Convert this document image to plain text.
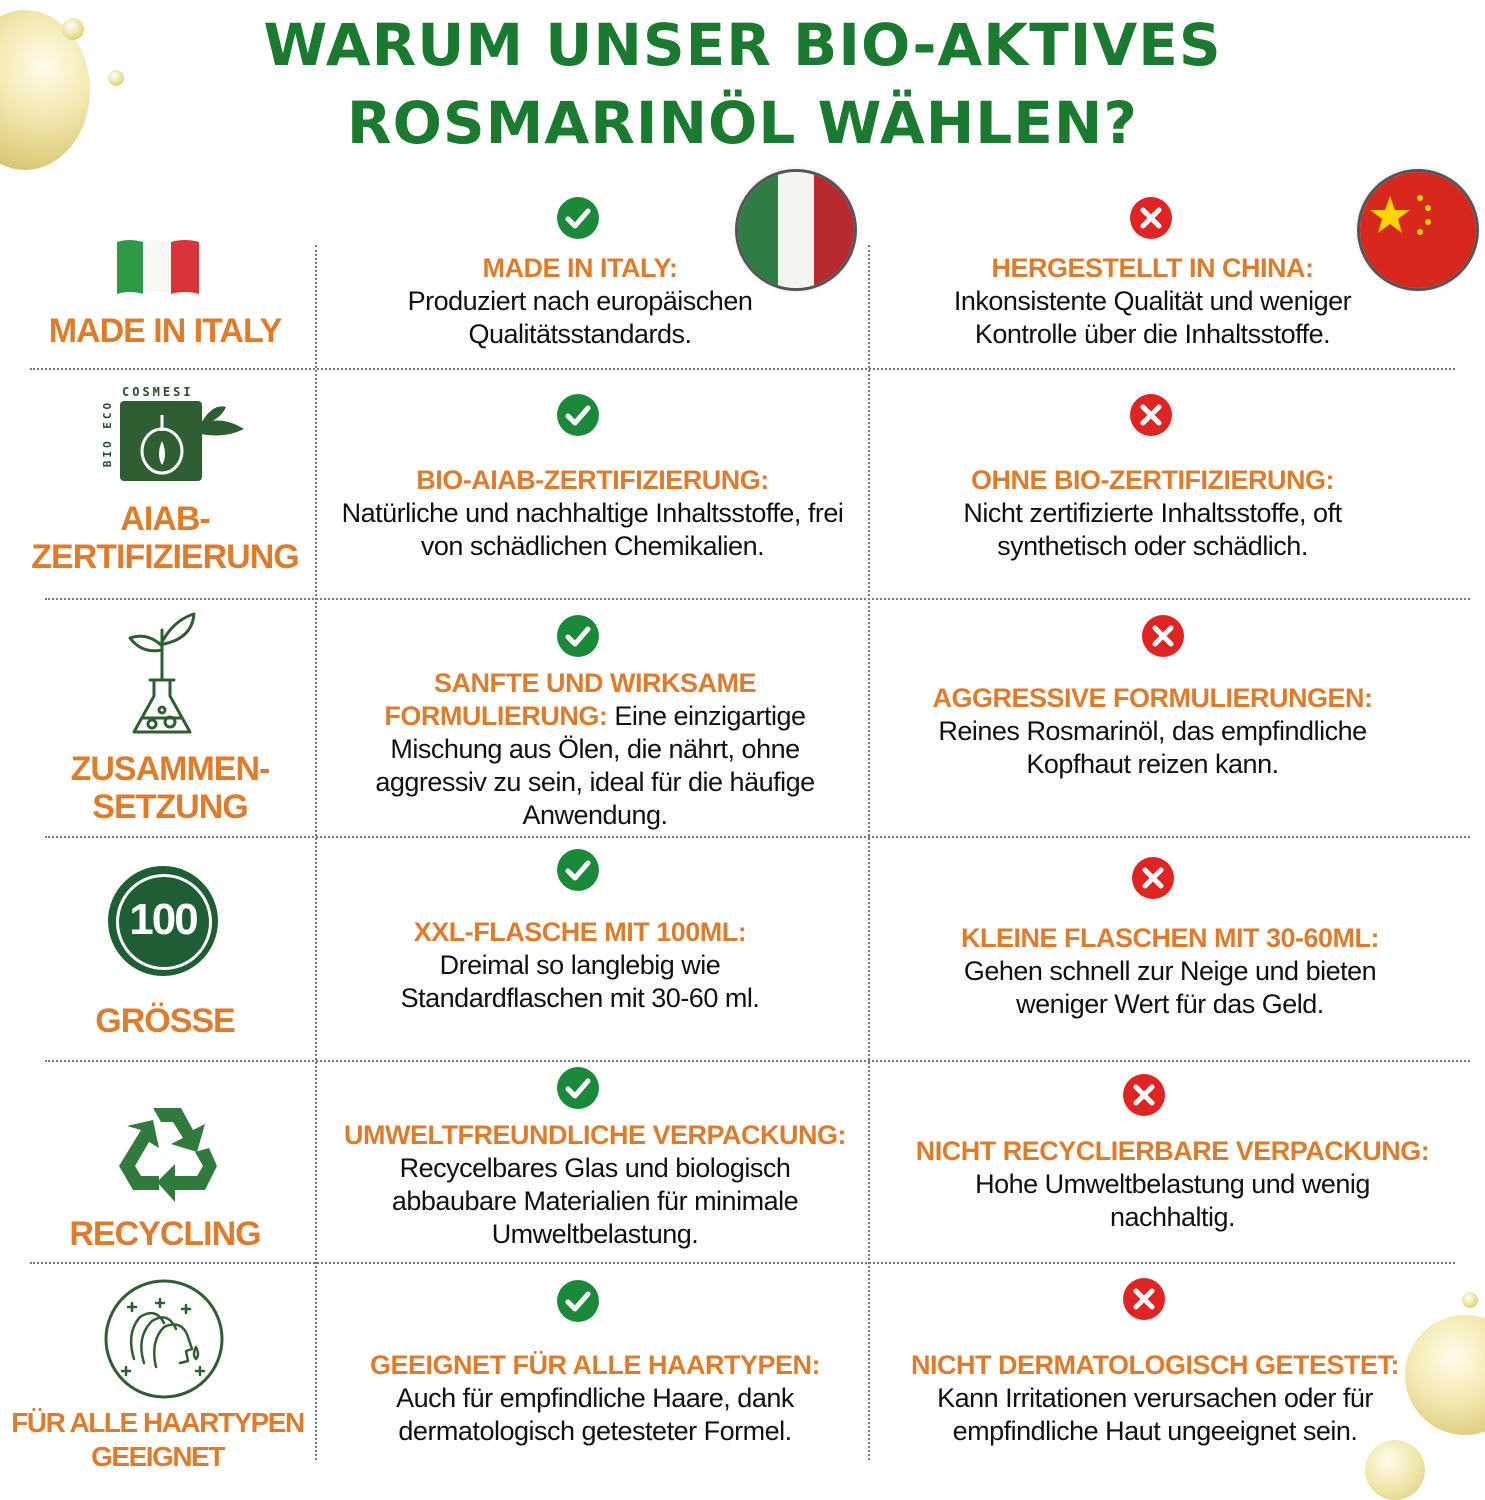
WARUM UNSER BIO-AKTIVES
ROSMARINÖL WÄHLEN?
MADE IN ITALY
MADE IN ITALY:
Produziert nach europäischen Qualitätsstandards.
HERGESTELLT IN CHINA:
Inkonsistente Qualität und weniger Kontrolle über die Inhaltsstoffe.
COSMESI
BIO ECO
AIAB-
ZERTIFIZIERUNG
BIO-AIAB-ZERTIFIZIERUNG:
Natürliche und nachhaltige Inhaltsstoffe, frei von schädlichen Chemikalien.
OHNE BIO-ZERTIFIZIERUNG:
Nicht zertifizierte Inhaltsstoffe, oft synthetisch oder schädlich.
ZUSAMMEN-
SETZUNG
SANFTE UND WIRKSAME
FORMULIERUNG: Eine einzigartige Mischung aus Ölen, die nährt, ohne aggressiv zu sein, ideal für die häufige Anwendung.
AGGRESSIVE FORMULIERUNGEN:
Reines Rosmarinöl, das empfindliche Kopfhaut reizen kann.
100
GRÖSSE
XXL-FLASCHE MIT 100ML:
Dreimal so langlebig wie Standardflaschen mit 30-60 ml.
KLEINE FLASCHEN MIT 30-60ML:
Gehen schnell zur Neige und bieten weniger Wert für das Geld.
RECYCLING
UMWELTFREUNDLICHE VERPACKUNG:
Recycelbares Glas und biologisch abbaubare Materialien für minimale Umweltbelastung.
NICHT RECYCLIERBARE VERPACKUNG:
Hohe Umweltbelastung und wenig nachhaltig.
FÜR ALLE HAARTYPEN
GEEIGNET
GEEIGNET FÜR ALLE HAARTYPEN:
Auch für empfindliche Haare, dank dermatologisch getesteter Formel.
NICHT DERMATOLOGISCH GETESTET:
Kann Irritationen verursachen oder für empfindliche Haut ungeeignet sein.
